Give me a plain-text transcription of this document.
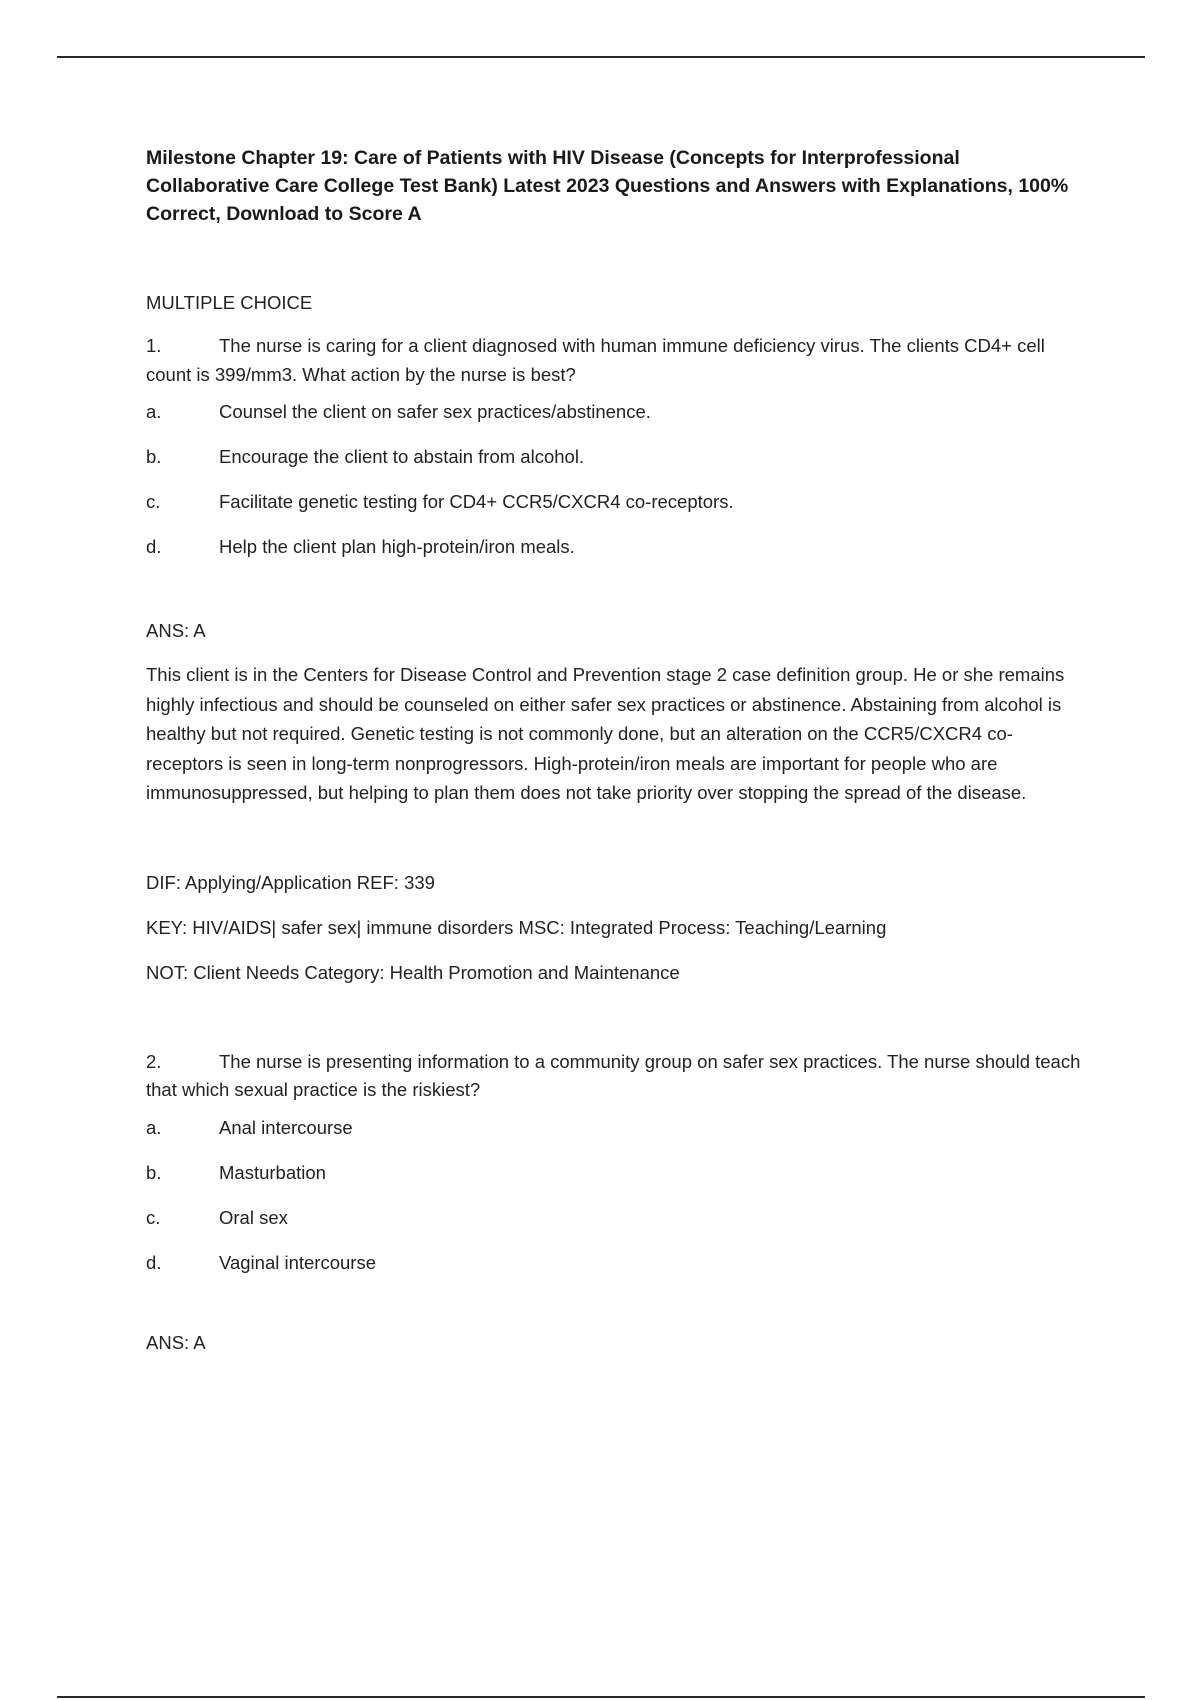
Milestone Chapter 19: Care of Patients with HIV Disease (Concepts for Interprofessional Collaborative Care College Test Bank) Latest 2023 Questions and Answers with Explanations, 100% Correct, Download to Score A

MULTIPLE CHOICE

1.	The nurse is caring for a client diagnosed with human immune deficiency virus. The clients CD4+ cell count is 399/mm3. What action by the nurse is best?

a.	Counsel the client on safer sex practices/abstinence.
b.	Encourage the client to abstain from alcohol.
c.	Facilitate genetic testing for CD4+ CCR5/CXCR4 co-receptors.
d.	Help the client plan high-protein/iron meals.

ANS: A

This client is in the Centers for Disease Control and Prevention stage 2 case definition group. He or she remains highly infectious and should be counseled on either safer sex practices or abstinence. Abstaining from alcohol is healthy but not required. Genetic testing is not commonly done, but an alteration on the CCR5/CXCR4 co-receptors is seen in long-term nonprogressors. High-protein/iron meals are important for people who are immunosuppressed, but helping to plan them does not take priority over stopping the spread of the disease.

DIF: Applying/Application REF: 339

KEY: HIV/AIDS| safer sex| immune disorders MSC: Integrated Process: Teaching/Learning

NOT: Client Needs Category: Health Promotion and Maintenance

2.	The nurse is presenting information to a community group on safer sex practices. The nurse should teach that which sexual practice is the riskiest?

a.	Anal intercourse
b.	Masturbation
c.	Oral sex
d.	Vaginal intercourse

ANS: A
